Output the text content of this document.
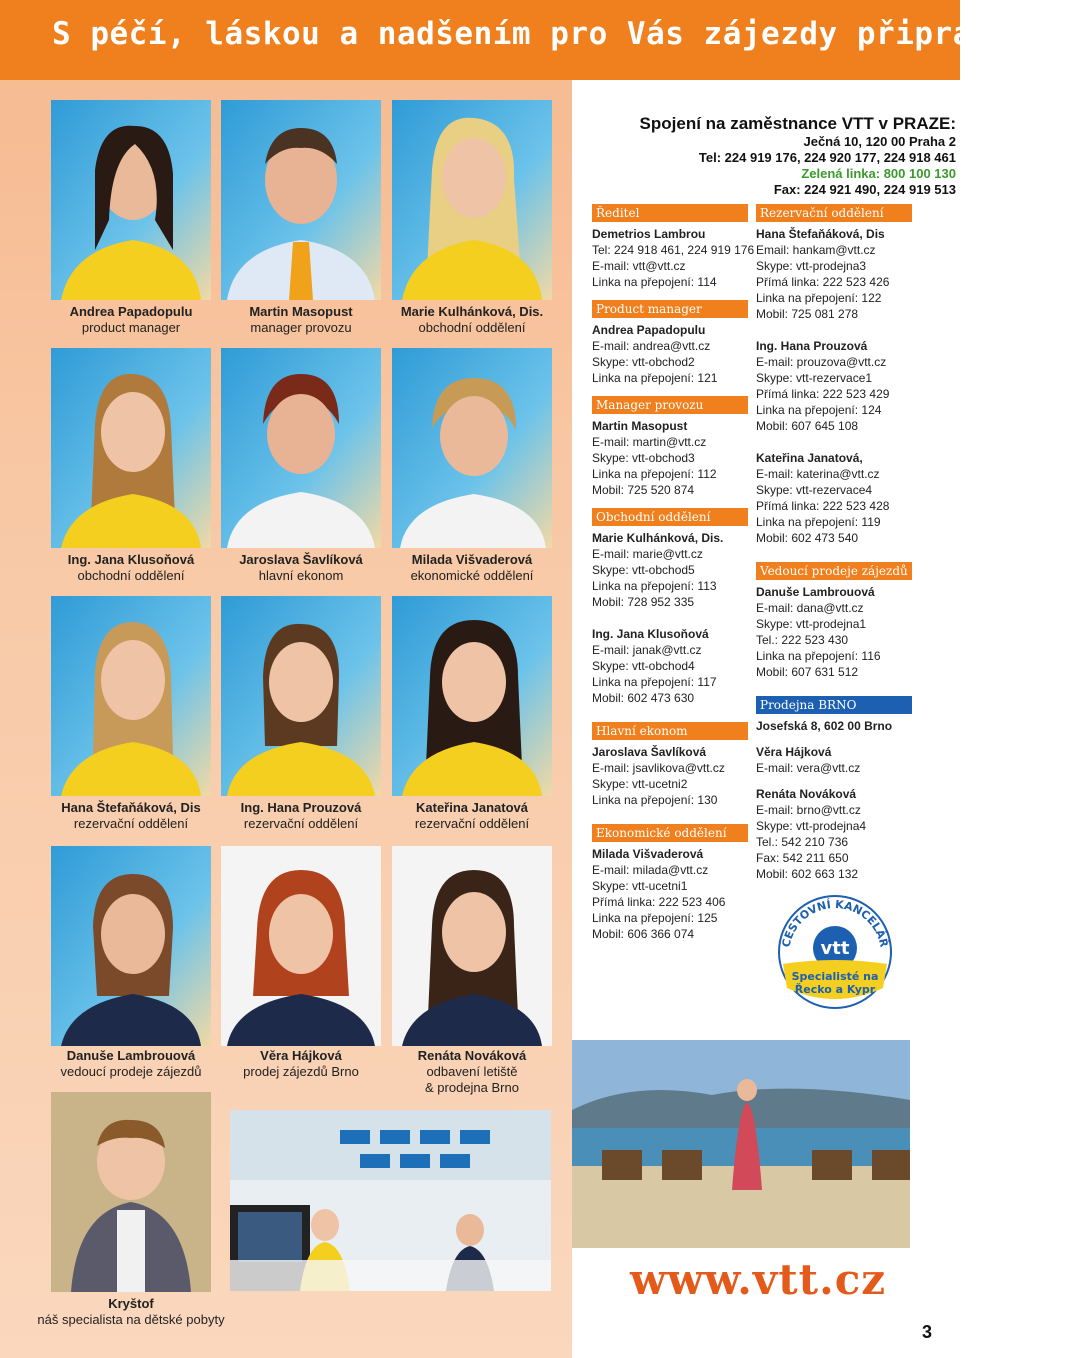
S péčí, láskou a nadšením pro Vás zájezdy připravují:
Andrea Papadopulu
product manager
Martin Masopust
manager provozu
Marie Kulhánková, Dis.
obchodní oddělení
Ing. Jana Klusoňová
obchodní oddělení
Jaroslava Šavlíková
hlavní ekonom
Milada Višvaderová
ekonomické oddělení
Hana Štefaňáková, Dis
rezervační oddělení
Ing. Hana Prouzová
rezervační oddělení
Kateřina Janatová
rezervační oddělení
Danuše Lambrouová
vedoucí prodeje zájezdů
Věra Hájková
prodej zájezdů Brno
Renáta Nováková
odbavení letiště
& prodejna Brno
Kryštof
náš specialista na dětské pobyty
Spojení na zaměstnance VTT v PRAZE:
Ječná 10, 120 00 Praha 2
Tel: 224 919 176, 224 920 177, 224 918 461
Zelená linka: 800 100 130
Fax: 224 921 490, 224 919 513
Ředitel
Demetrios Lambrou
Tel: 224 918 461, 224 919 176
E-mail: vtt@vtt.cz
Linka na přepojení: 114
Product manager
Andrea Papadopulu
E-mail: andrea@vtt.cz
Skype: vtt-obchod2
Linka na přepojení: 121
Manager provozu
Martin Masopust
E-mail: martin@vtt.cz
Skype: vtt-obchod3
Linka na přepojení: 112
Mobil: 725 520 874
Obchodní oddělení
Marie Kulhánková, Dis.
E-mail: marie@vtt.cz
Skype: vtt-obchod5
Linka na přepojení: 113
Mobil: 728 952 335
Ing. Jana Klusoňová
E-mail: janak@vtt.cz
Skype: vtt-obchod4
Linka na přepojení: 117
Mobil: 602 473 630
Hlavní ekonom
Jaroslava Šavlíková
E-mail: jsavlikova@vtt.cz
Skype: vtt-ucetni2
Linka na přepojení: 130
Ekonomické oddělení
Milada Višvaderová
E-mail: milada@vtt.cz
Skype: vtt-ucetni1
Přímá linka: 222 523 406
Linka na přepojení: 125
Mobil: 606 366 074
Rezervační oddělení
Hana Štefaňáková, Dis
Email: hankam@vtt.cz
Skype: vtt-prodejna3
Přímá linka: 222 523 426
Linka na přepojení: 122
Mobil: 725 081 278
Ing. Hana Prouzová
E-mail: prouzova@vtt.cz
Skype: vtt-rezervace1
Přímá linka: 222 523 429
Linka na přepojení: 124
Mobil: 607 645 108
Kateřina Janatová,
E-mail: katerina@vtt.cz
Skype: vtt-rezervace4
Přímá linka: 222 523 428
Linka na přepojení: 119
Mobil: 602 473 540
Vedoucí prodeje zájezdů
Danuše Lambrouová
E-mail: dana@vtt.cz
Skype: vtt-prodejna1
Tel.: 222 523 430
Linka na přepojení: 116
Mobil: 607 631 512
Prodejna BRNO
Josefská 8, 602 00 Brno
Věra Hájková
E-mail: vera@vtt.cz
Renáta Nováková
E-mail: brno@vtt.cz
Skype: vtt-prodejna4
Tel.: 542 210 736
Fax: 542 211 650
Mobil: 602 663 132
CESTOVNÍ KANCELÁŘ
vtt
Specialisté na
Řecko a Kypr
www.vtt.cz
3
